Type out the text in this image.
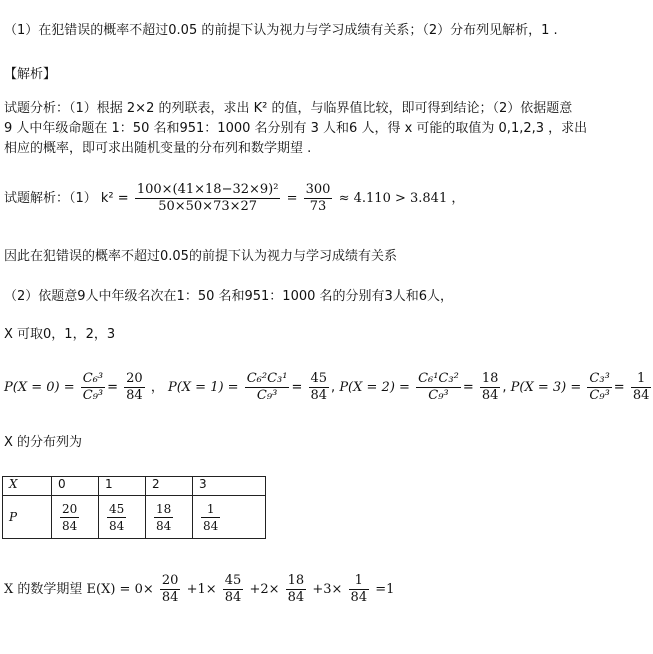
（1）在犯错误的概率不超过0.05 的前提下认为视力与学习成绩有关系；（2）分布列见解析，1 .
【解析】
试题分析：（1）根据 2×2 的列联表，求出 K² 的值，与临界值比较，即可得到结论；（2）依据题意
9 人中年级命题在 1：50 名和951：1000 名分别有 3 人和6 人，得 x 可能的取值为 0,1,2,3 ，求出
相应的概率，即可求出随机变量的分布列和数学期望 .
试题解析：（1） $k^2 = \frac{\text{100×(41×18−32×9)²}}{50\times 50\times 73\times 27} = \frac{300}{73} \approx 4.110 > 3.841$ ，
因此在犯错误的概率不超过0.05的前提下认为视力与学习成绩有关系
（2）依题意9人中年级名次在1：50 名和951：1000 名的分别有3人和6人，
X 可取0，1，2，3
$P(X = 0) = \frac{\text{C₆³}}{\text{C₉³}} = \frac{20}{84}$ ， $P(X = 1) = \frac{\text{C₆²C₃¹}}{\text{C₉³}} = \frac{45}{84}$ , $P(X = 2) = \frac{\text{C₆¹C₃²}}{\text{C₉³}} = \frac{18}{84}$ , $P(X = 3) = \frac{\text{C₃³}}{\text{C₉³}} = \frac{1}{84}$
X 的分布列为
X	0	1	2	3
P	$\frac{20}{84}$	$\frac{45}{84}$	$\frac{18}{84}$	$\frac{1}{84}$
X 的数学期望 $E(X) = 0\times \frac{20}{84} +1\times \frac{45}{84} +2\times \frac{18}{84} +3\times \frac{1}{84} =1$
